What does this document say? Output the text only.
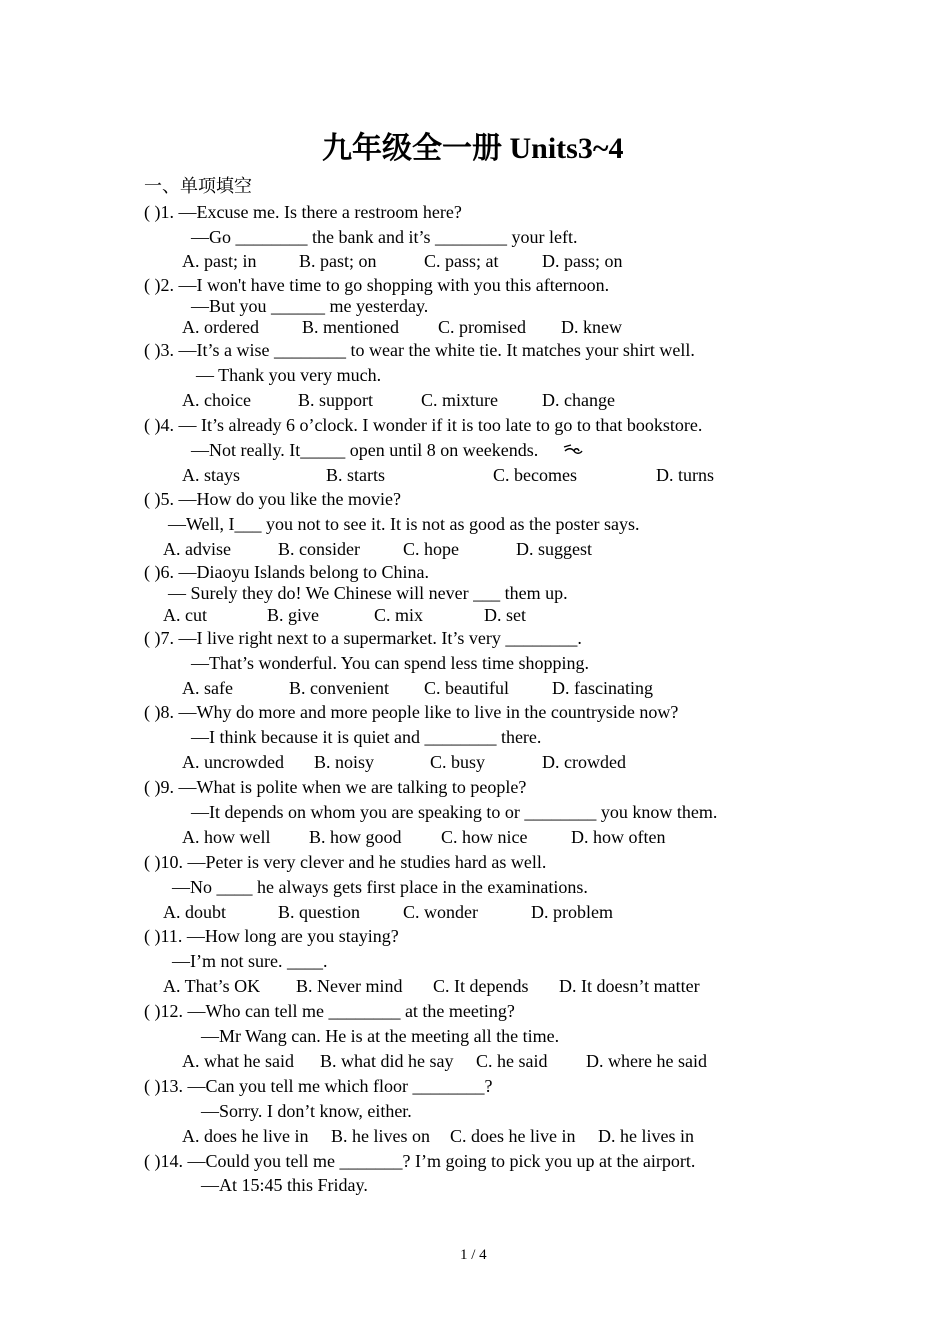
九年级全一册 Units3~4
一、单项填空
( )1. —Excuse me. Is there a restroom here?
—Go ________ the bank and it’s ________ your left.
A. past; in B. past; on	C. pass; at D. pass; on
( )2. —I won't have time to go shopping with you this afternoon.
—But you ______ me yesterday.
A. ordered B. mentioned C. promised D. knew
( )3. —It’s a wise ________ to wear the white tie. It matches your shirt well.
— Thank you very much.
A. choice	B. support	C. mixture D. change
( )4. — It’s already 6 o’clock. I wonder if it is too late to go to that bookstore.
—Not really. It_____ open until 8 on weekends.
A. stays	B. starts	C. becomes	D. turns
( )5. —How do you like the movie?
—Well, I___ you not to see it. It is not as good as the poster says.
A. advise	B. consider C. hope	D. suggest
( )6. —Diaoyu Islands belong to China.
— Surely they do! We Chinese will never ___ them up.
A. cut	B. give	C. mix	D. set
( )7. —I live right next to a supermarket. It’s very ________.
—That’s wonderful. You can spend less time shopping.
A. safe	B. convenient C. beautiful D. fascinating
( )8. —Why do more and more people like to live in the countryside now?
—I think because it is quiet and ________ there.
A. uncrowded B. noisy	C. busy	D. crowded
( )9. —What is polite when we are talking to people?
—It depends on whom you are speaking to or ________ you know them.
A. how well B. how good C. how nice D. how often
( )10. —Peter is very clever and he studies hard as well.
—No ____ he always gets first place in the examinations.
A. doubt	B. question C. wonder	D. problem
( )11. —How long are you staying?
—I’m not sure. ____.
A. That’s OK B. Never mind C. It depends D. It doesn’t matter
( )12. —Who can tell me ________ at the meeting?
—Mr Wang can. He is at the meeting all the time.
A. what he said B. what did he say C. he said D. where he said
( )13. —Can you tell me which floor ________?
—Sorry. I don’t know, either.
A. does he live in B. he lives on C. does he live in D. he lives in
( )14. —Could you tell me _______? I’m going to pick you up at the airport.
—At 15:45 this Friday.
1 / 4
